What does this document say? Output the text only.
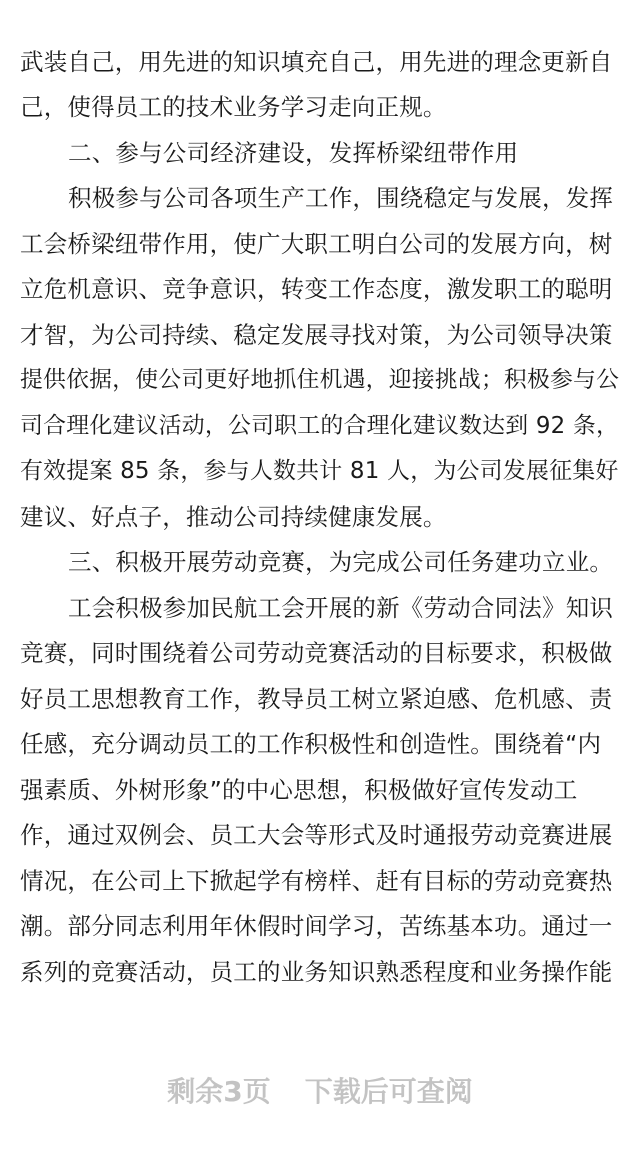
武装自己，用先进的知识填充自己，用先进的理念更新自
己，使得员工的技术业务学习走向正规。
二、参与公司经济建设，发挥桥梁纽带作用
积极参与公司各项生产工作，围绕稳定与发展，发挥
工会桥梁纽带作用，使广大职工明白公司的发展方向，树
立危机意识、竞争意识，转变工作态度，激发职工的聪明
才智，为公司持续、稳定发展寻找对策，为公司领导决策
提供依据，使公司更好地抓住机遇，迎接挑战；积极参与公
司合理化建议活动，公司职工的合理化建议数达到 92 条，
有效提案 85 条，参与人数共计 81 人，为公司发展征集好
建议、好点子，推动公司持续健康发展。
三、积极开展劳动竞赛，为完成公司任务建功立业。
工会积极参加民航工会开展的新《劳动合同法》知识
竞赛，同时围绕着公司劳动竞赛活动的目标要求，积极做
好员工思想教育工作，教导员工树立紧迫感、危机感、责
任感，充分调动员工的工作积极性和创造性。围绕着“内
强素质、外树形象”的中心思想，积极做好宣传发动工
作，通过双例会、员工大会等形式及时通报劳动竞赛进展
情况，在公司上下掀起学有榜样、赶有目标的劳动竞赛热
潮。部分同志利用年休假时间学习，苦练基本功。通过一
系列的竞赛活动，员工的业务知识熟悉程度和业务操作能
剩余3页 下载后可查阅
